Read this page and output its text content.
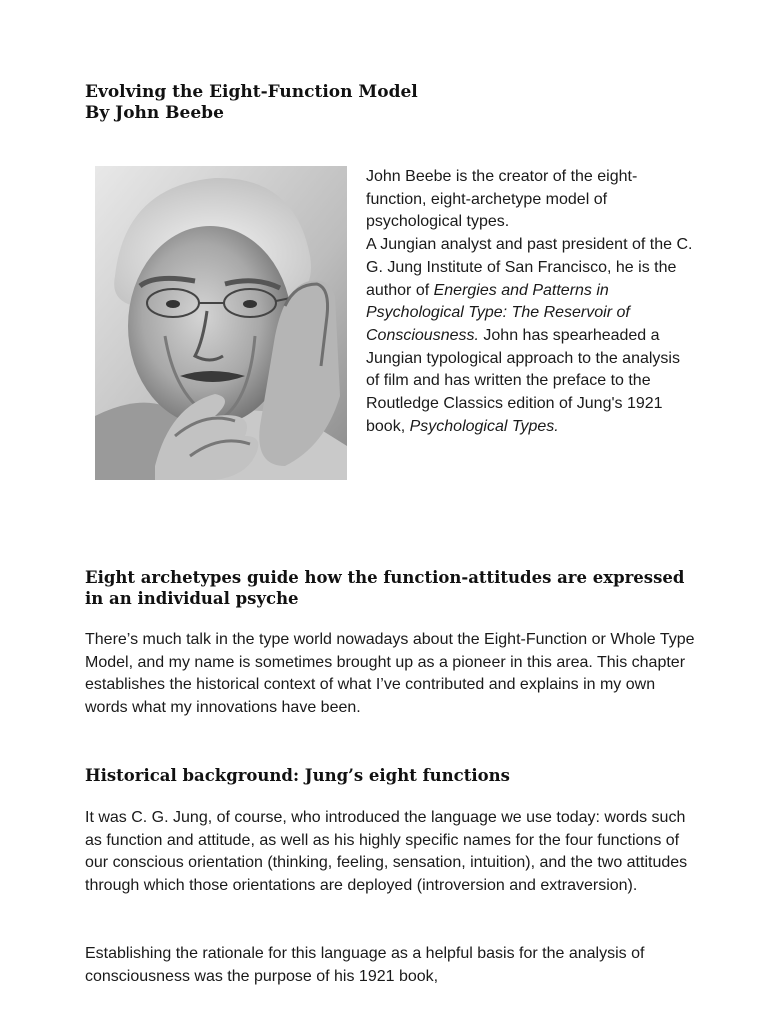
Evolving the Eight-Function Model
By John Beebe

John Beebe is the creator of the eight-function, eight-archetype model of psychological types.
A Jungian analyst and past president of the C. G. Jung Institute of San Francisco, he is the author of Energies and Patterns in Psychological Type: The Reservoir of Consciousness. John has spearheaded a Jungian typological approach to the analysis of film and has written the preface to the Routledge Classics edition of Jung's 1921 book, Psychological Types.

Eight archetypes guide how the function-attitudes are expressed in an individual psyche

There’s much talk in the type world nowadays about the Eight-Function or Whole Type Model, and my name is sometimes brought up as a pioneer in this area. This chapter establishes the historical context of what I’ve contributed and explains in my own words what my innovations have been.

Historical background: Jung’s eight functions

It was C. G. Jung, of course, who introduced the language we use today: words such as function and attitude, as well as his highly specific names for the four functions of our conscious orientation (thinking, feeling, sensation, intuition), and the two attitudes through which those orientations are deployed (introversion and extraversion).

Establishing the rationale for this language as a helpful basis for the analysis of consciousness was the purpose of his 1921 book,
